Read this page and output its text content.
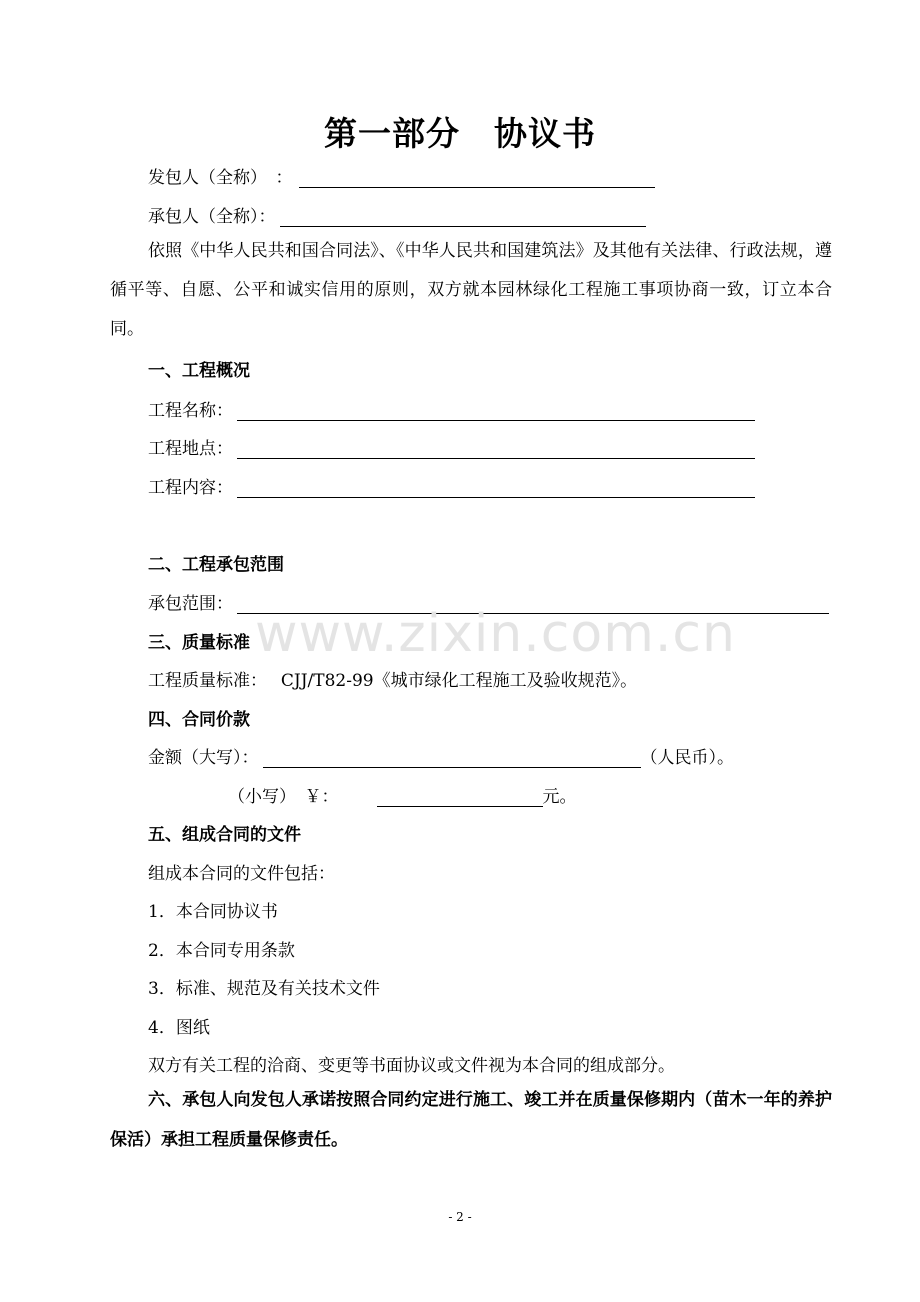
第一部分　协议书
发包人（全称）　：
承包人（全称）：
依照《中华人民共和国合同法》、《中华人民共和国建筑法》及其他有关法律、行政法规，遵循平等、自愿、公平和诚实信用的原则，双方就本园林绿化工程施工事项协商一致，订立本合同。
一、工程概况
工程名称：
工程地点：
工程内容：
二、工程承包范围
承包范围： www.zixin.com.cn
三、质量标准
工程质量标准：　 CJJ/T82-99《城市绿化工程施工及验收规范》。
四、合同价款
金额（大写）：	（人民币）。
（小写）　￥：	元。
五、组成合同的文件
组成本合同的文件包括：
1．本合同协议书
2．本合同专用条款
3．标准、规范及有关技术文件
4．图纸
双方有关工程的洽商、变更等书面协议或文件视为本合同的组成部分。
六、承包人向发包人承诺按照合同约定进行施工、竣工并在质量保修期内（苗木一年的养护保活）承担工程质量保修责任。
- 2 -
